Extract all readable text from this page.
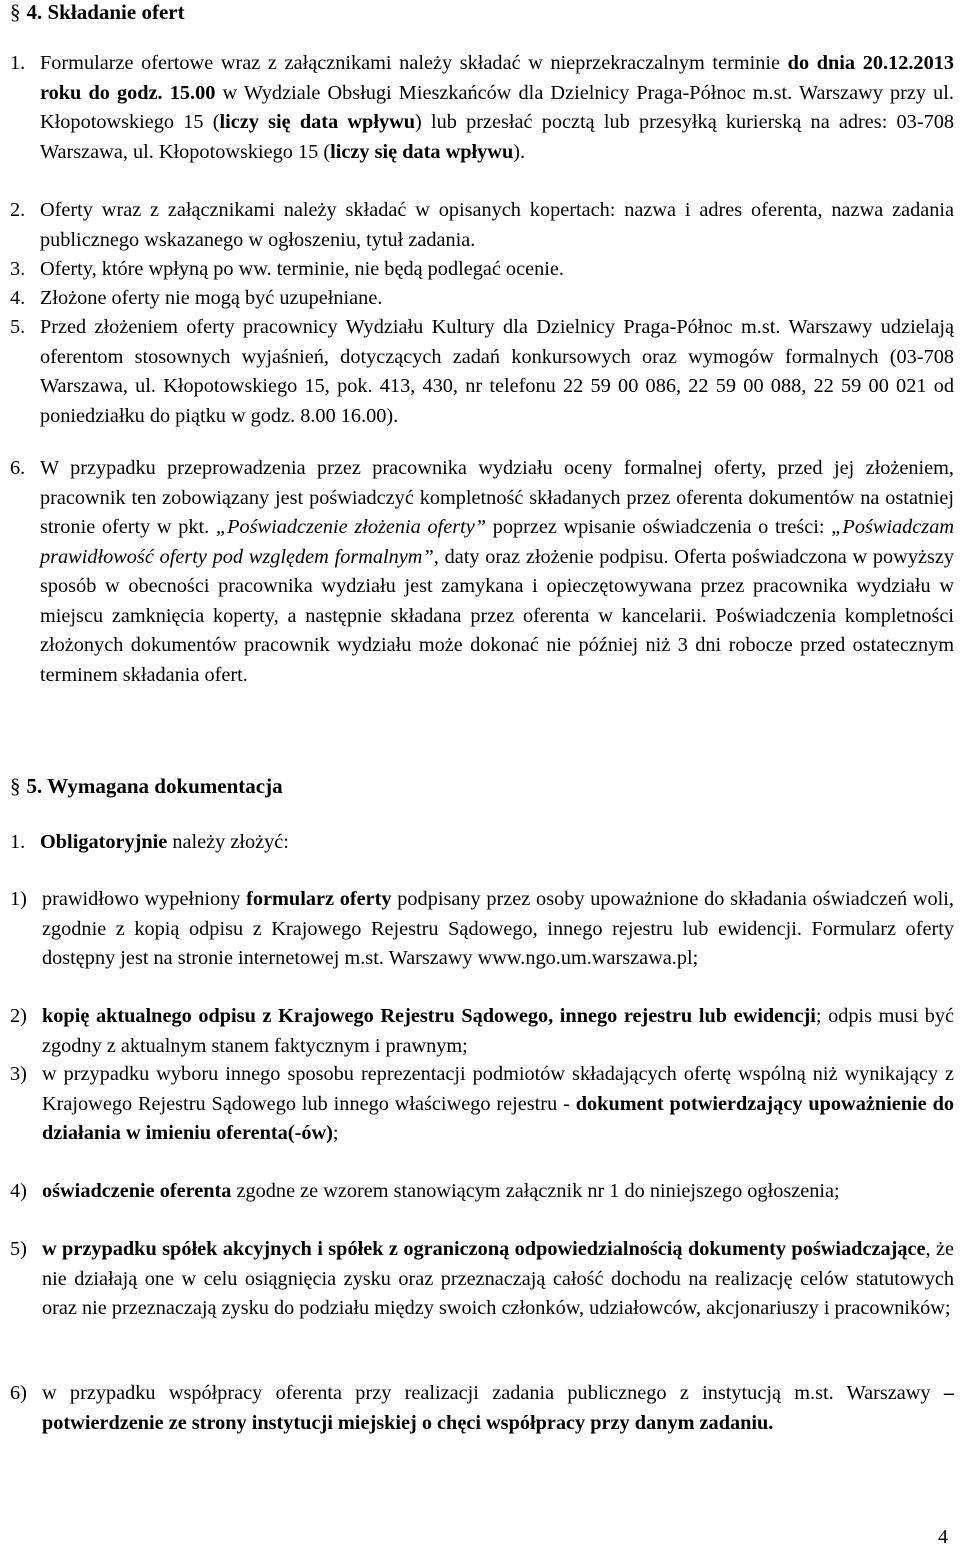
§ 4. Składanie ofert
1. Formularze ofertowe wraz z załącznikami należy składać w nieprzekraczalnym terminie do dnia 20.12.2013 roku do godz. 15.00 w Wydziale Obsługi Mieszkańców dla Dzielnicy Praga-Północ m.st. Warszawy przy ul. Kłopotowskiego 15 (liczy się data wpływu) lub przesłać pocztą lub przesyłką kurierską na adres: 03-708 Warszawa, ul. Kłopotowskiego 15 (liczy się data wpływu).
2. Oferty wraz z załącznikami należy składać w opisanych kopertach: nazwa i adres oferenta, nazwa zadania publicznego wskazanego w ogłoszeniu, tytuł zadania.
3. Oferty, które wpłyną po ww. terminie, nie będą podlegać ocenie.
4. Złożone oferty nie mogą być uzupełniane.
5. Przed złożeniem oferty pracownicy Wydziału Kultury dla Dzielnicy Praga-Północ m.st. Warszawy udzielają oferentom stosownych wyjaśnień, dotyczących zadań konkursowych oraz wymogów formalnych (03-708 Warszawa, ul. Kłopotowskiego 15, pok. 413, 430, nr telefonu 22 59 00 086, 22 59 00 088, 22 59 00 021 od poniedziałku do piątku w godz. 8.00 16.00).
6. W przypadku przeprowadzenia przez pracownika wydziału oceny formalnej oferty, przed jej złożeniem, pracownik ten zobowiązany jest poświadczyć kompletność składanych przez oferenta dokumentów na ostatniej stronie oferty w pkt. „Poświadczenie złożenia oferty” poprzez wpisanie oświadczenia o treści: „Poświadczam prawidłowość oferty pod względem formalnym”, daty oraz złożenie podpisu. Oferta poświadczona w powyższy sposób w obecności pracownika wydziału jest zamykana i opieczętowywana przez pracownika wydziału w miejscu zamknięcia koperty, a następnie składana przez oferenta w kancelarii. Poświadczenia kompletności złożonych dokumentów pracownik wydziału może dokonać nie później niż 3 dni robocze przed ostatecznym terminem składania ofert.
§ 5. Wymagana dokumentacja
1. Obligatoryjnie należy złożyć:
1) prawidłowo wypełniony formularz oferty podpisany przez osoby upoważnione do składania oświadczeń woli, zgodnie z kopią odpisu z Krajowego Rejestru Sądowego, innego rejestru lub ewidencji. Formularz oferty dostępny jest na stronie internetowej m.st. Warszawy www.ngo.um.warszawa.pl;
2) kopię aktualnego odpisu z Krajowego Rejestru Sądowego, innego rejestru lub ewidencji; odpis musi być zgodny z aktualnym stanem faktycznym i prawnym;
3) w przypadku wyboru innego sposobu reprezentacji podmiotów składających ofertę wspólną niż wynikający z Krajowego Rejestru Sądowego lub innego właściwego rejestru - dokument potwierdzający upoważnienie do działania w imieniu oferenta(-ów);
4) oświadczenie oferenta zgodne ze wzorem stanowiącym załącznik nr 1 do niniejszego ogłoszenia;
5) w przypadku spółek akcyjnych i spółek z ograniczoną odpowiedzialnością dokumenty poświadczające, że nie działają one w celu osiągnięcia zysku oraz przeznaczają całość dochodu na realizację celów statutowych oraz nie przeznaczają zysku do podziału między swoich członków, udziałowców, akcjonariuszy i pracowników;
6) w przypadku współpracy oferenta przy realizacji zadania publicznego z instytucją m.st. Warszawy – potwierdzenie ze strony instytucji miejskiej o chęci współpracy przy danym zadaniu.
4
